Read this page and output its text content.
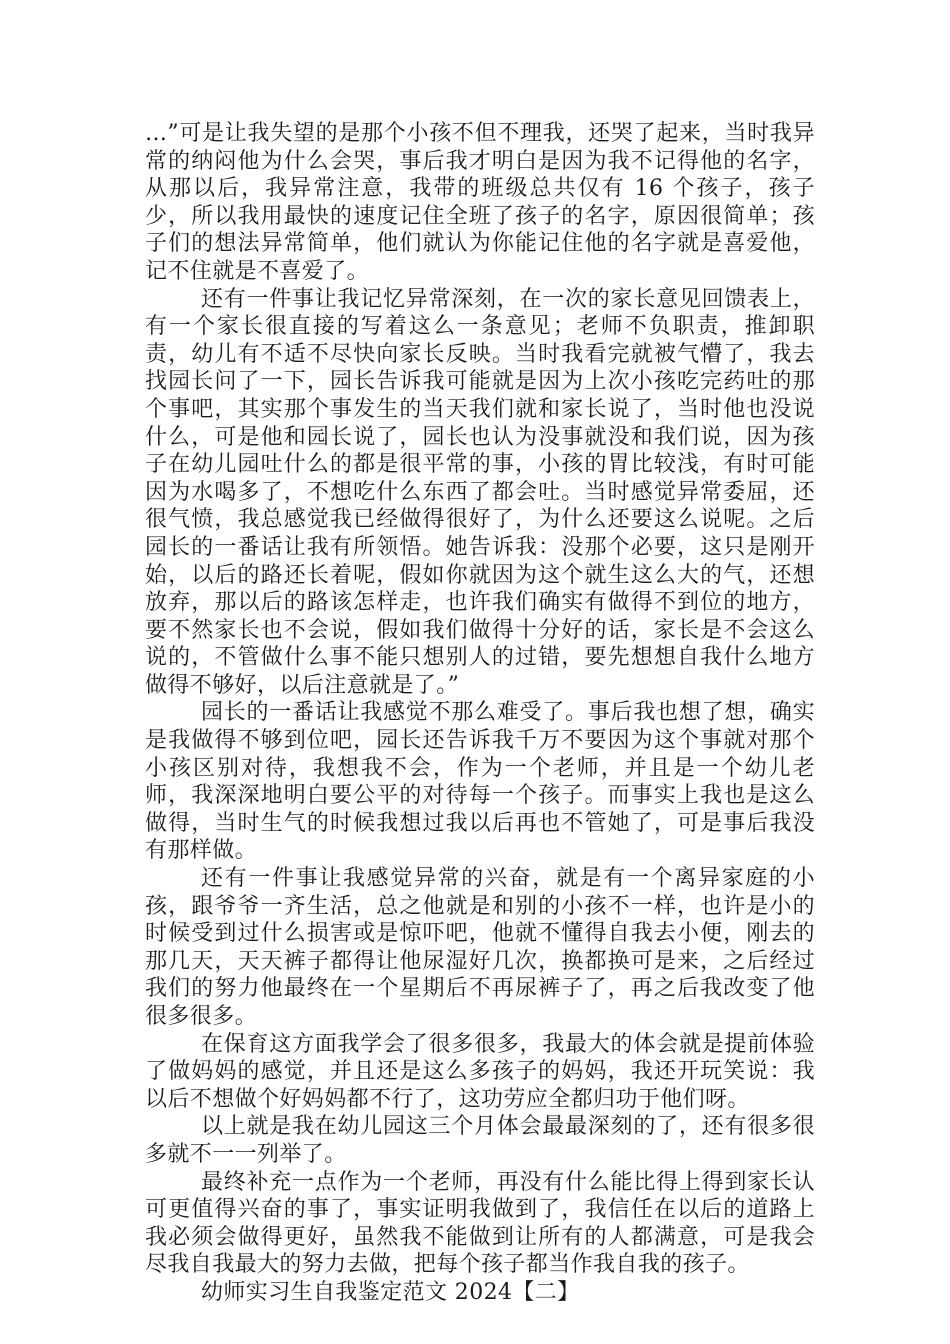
…”可是让我失望的是那个小孩不但不理我，还哭了起来，当时我异常的纳闷他为什么会哭，事后我才明白是因为我不记得他的名字，从那以后，我异常注意，我带的班级总共仅有 16 个孩子，孩子少，所以我用最快的速度记住全班了孩子的名字，原因很简单；孩子们的想法异常简单，他们就认为你能记住他的名字就是喜爱他，记不住就是不喜爱了。

还有一件事让我记忆异常深刻，在一次的家长意见回馈表上，有一个家长很直接的写着这么一条意见；老师不负职责，推卸职责，幼儿有不适不尽快向家长反映。当时我看完就被气懵了，我去找园长问了一下，园长告诉我可能就是因为上次小孩吃完药吐的那个事吧，其实那个事发生的当天我们就和家长说了，当时他也没说什么，可是他和园长说了，园长也认为没事就没和我们说，因为孩子在幼儿园吐什么的都是很平常的事，小孩的胃比较浅，有时可能因为水喝多了，不想吃什么东西了都会吐。当时感觉异常委屈，还很气愤，我总感觉我已经做得很好了，为什么还要这么说呢。之后园长的一番话让我有所领悟。她告诉我：没那个必要，这只是刚开始，以后的路还长着呢，假如你就因为这个就生这么大的气，还想放弃，那以后的路该怎样走，也许我们确实有做得不到位的地方，要不然家长也不会说，假如我们做得十分好的话，家长是不会这么说的，不管做什么事不能只想别人的过错，要先想想自我什么地方做得不够好，以后注意就是了。”

园长的一番话让我感觉不那么难受了。事后我也想了想，确实是我做得不够到位吧，园长还告诉我千万不要因为这个事就对那个小孩区别对待，我想我不会，作为一个老师，并且是一个幼儿老师，我深深地明白要公平的对待每一个孩子。而事实上我也是这么做得，当时生气的时候我想过我以后再也不管她了，可是事后我没有那样做。

还有一件事让我感觉异常的兴奋，就是有一个离异家庭的小孩，跟爷爷一齐生活，总之他就是和别的小孩不一样，也许是小的时候受到过什么损害或是惊吓吧，他就不懂得自我去小便，刚去的那几天，天天裤子都得让他尿湿好几次，换都换可是来，之后经过我们的努力他最终在一个星期后不再尿裤子了，再之后我改变了他很多很多。

在保育这方面我学会了很多很多，我最大的体会就是提前体验了做妈妈的感觉，并且还是这么多孩子的妈妈，我还开玩笑说：我以后不想做个好妈妈都不行了，这功劳应全都归功于他们呀。

以上就是我在幼儿园这三个月体会最最深刻的了，还有很多很多就不一一列举了。

最终补充一点作为一个老师，再没有什么能比得上得到家长认可更值得兴奋的事了，事实证明我做到了，我信任在以后的道路上我必须会做得更好，虽然我不能做到让所有的人都满意，可是我会尽我自我最大的努力去做，把每个孩子都当作我自我的孩子。

幼师实习生自我鉴定范文 2024【二】
